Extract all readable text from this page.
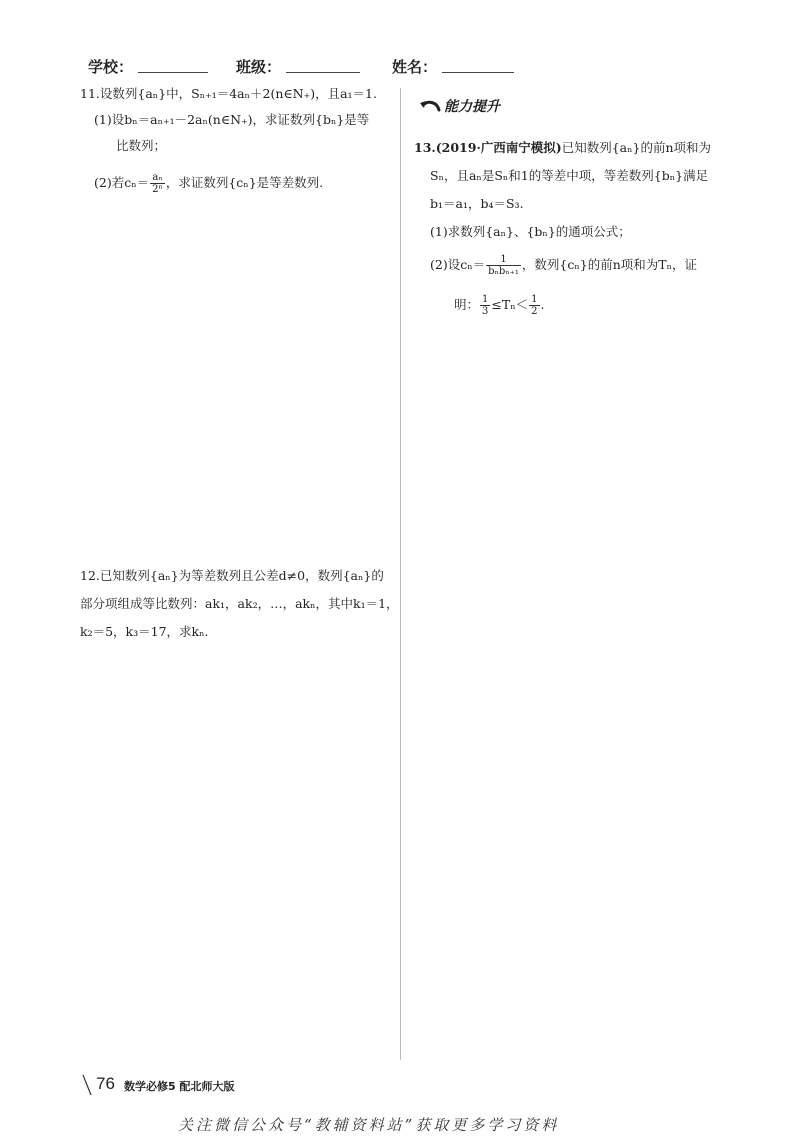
学校：	班级：	姓名：
11.设数列{aₙ}中，Sₙ₊₁＝4aₙ＋2(n∈N₊)，且a₁＝1.
(1)设bₙ＝aₙ₊₁－2aₙ(n∈N₊)，求证数列{bₙ}是等
比数列；
(2)若$c_n= \frac{\text{aₙ}}{\text{2ⁿ}}$ ，求证数列{cₙ}是等差数列.
12.已知数列{aₙ}为等差数列且公差d≠0，数列{aₙ}的
部分项组成等比数列：ak₁，ak₂，…，akₙ，其中k₁＝1，
k₂＝5，k₃＝17，求kₙ.
能力提升
13.(2019·广西南宁模拟)已知数列{aₙ}的前n项和为
Sₙ，且aₙ是Sₙ和1的等差中项，等差数列{bₙ}满足
b₁＝a₁，b₄＝S₃.
(1)求数列{aₙ}、{bₙ}的通项公式；
(2)设$c_n= \frac{1}{\text{bₙbₙ₊₁}}$ ，数列{cₙ}的前n项和为Tₙ，证
明： $\frac{1}{3} \le T_n< \frac{1}{2}$ .
76 数学必修5 配北师大版
关注微信公众号“教辅资料站”获取更多学习资料
